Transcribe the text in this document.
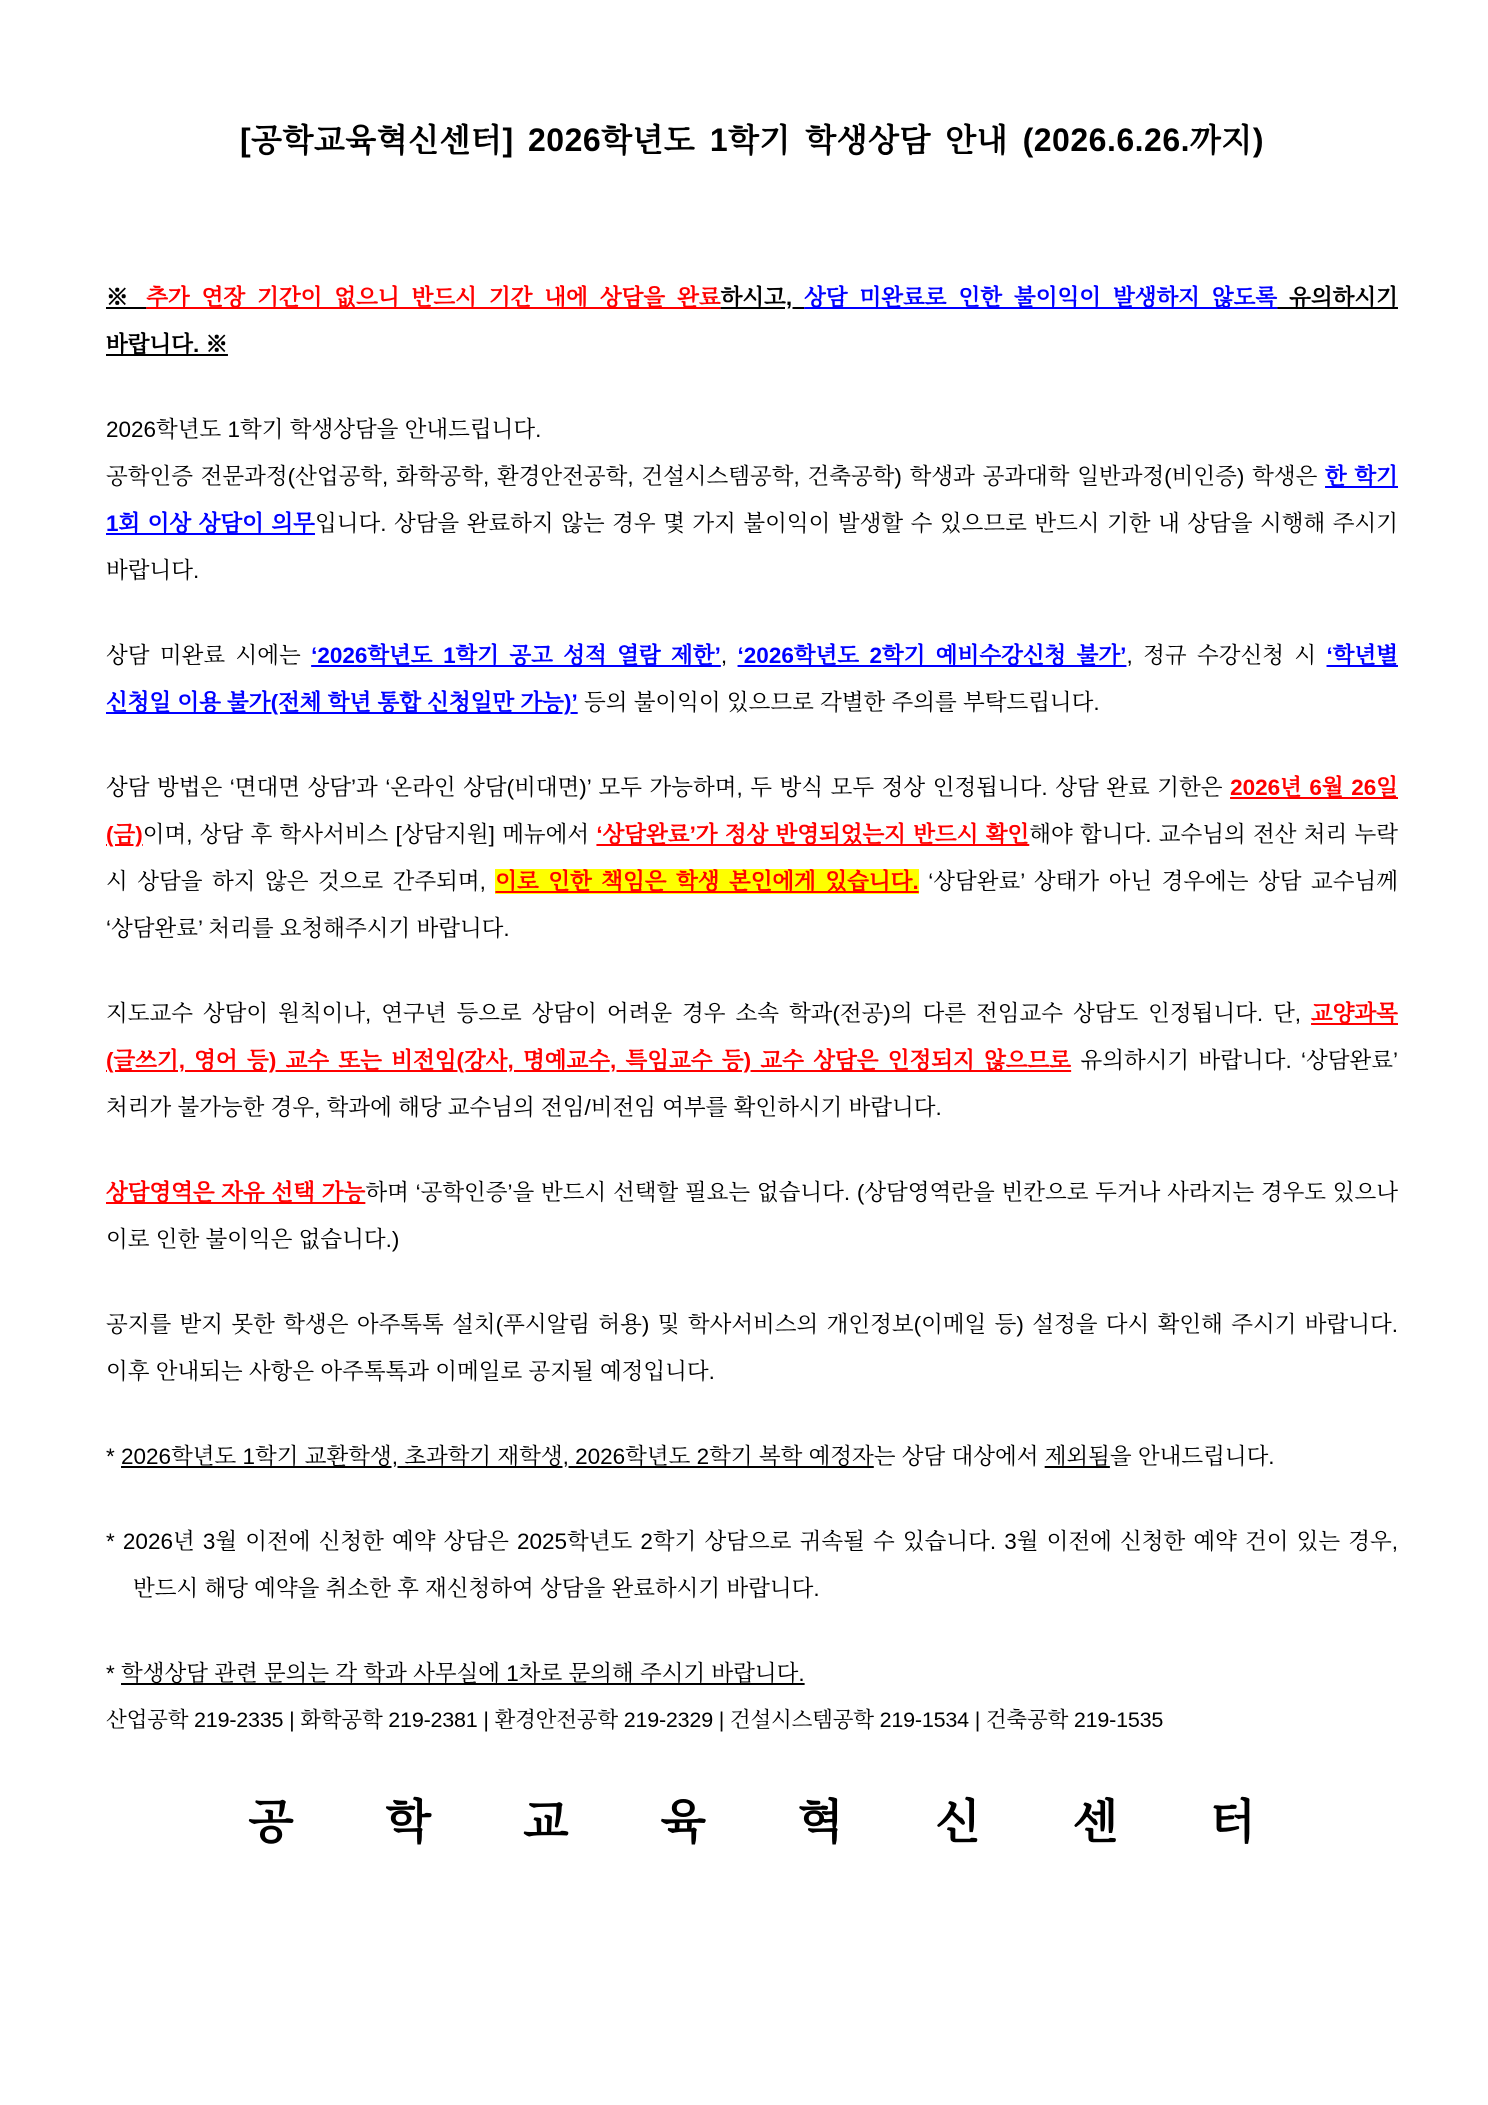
[공학교육혁신센터] 2026학년도 1학기 학생상담 안내 (2026.6.26.까지)

※ 추가 연장 기간이 없으니 반드시 기간 내에 상담을 완료하시고, 상담 미완료로 인한 불이익이 발생하지 않도록 유의하시기 바랍니다. ※

2026학년도 1학기 학생상담을 안내드립니다.
공학인증 전문과정(산업공학, 화학공학, 환경안전공학, 건설시스템공학, 건축공학) 학생과 공과대학 일반과정(비인증) 학생은 한 학기 1회 이상 상담이 의무입니다. 상담을 완료하지 않는 경우 몇 가지 불이익이 발생할 수 있으므로 반드시 기한 내 상담을 시행해 주시기 바랍니다.

상담 미완료 시에는 ‘2026학년도 1학기 공고 성적 열람 제한’, ‘2026학년도 2학기 예비수강신청 불가’, 정규 수강신청 시 ‘학년별 신청일 이용 불가(전체 학년 통합 신청일만 가능)’ 등의 불이익이 있으므로 각별한 주의를 부탁드립니다.

상담 방법은 ‘면대면 상담’과 ‘온라인 상담(비대면)’ 모두 가능하며, 두 방식 모두 정상 인정됩니다. 상담 완료 기한은 2026년 6월 26일(금)이며, 상담 후 학사서비스 [상담지원] 메뉴에서 ‘상담완료’가 정상 반영되었는지 반드시 확인해야 합니다. 교수님의 전산 처리 누락 시 상담을 하지 않은 것으로 간주되며, 이로 인한 책임은 학생 본인에게 있습니다. ‘상담완료’ 상태가 아닌 경우에는 상담 교수님께 ‘상담완료’ 처리를 요청해주시기 바랍니다.

지도교수 상담이 원칙이나, 연구년 등으로 상담이 어려운 경우 소속 학과(전공)의 다른 전임교수 상담도 인정됩니다. 단, 교양과목(글쓰기, 영어 등) 교수 또는 비전임(강사, 명예교수, 특임교수 등) 교수 상담은 인정되지 않으므로 유의하시기 바랍니다. ‘상담완료’ 처리가 불가능한 경우, 학과에 해당 교수님의 전임/비전임 여부를 확인하시기 바랍니다.

상담영역은 자유 선택 가능하며 ‘공학인증’을 반드시 선택할 필요는 없습니다. (상담영역란을 빈칸으로 두거나 사라지는 경우도 있으나 이로 인한 불이익은 없습니다.)

공지를 받지 못한 학생은 아주톡톡 설치(푸시알림 허용) 및 학사서비스의 개인정보(이메일 등) 설정을 다시 확인해 주시기 바랍니다. 이후 안내되는 사항은 아주톡톡과 이메일로 공지될 예정입니다.

* 2026학년도 1학기 교환학생, 초과학기 재학생, 2026학년도 2학기 복학 예정자는 상담 대상에서 제외됨을 안내드립니다.

* 2026년 3월 이전에 신청한 예약 상담은 2025학년도 2학기 상담으로 귀속될 수 있습니다. 3월 이전에 신청한 예약 건이 있는 경우, 반드시 해당 예약을 취소한 후 재신청하여 상담을 완료하시기 바랍니다.

* 학생상담 관련 문의는 각 학과 사무실에 1차로 문의해 주시기 바랍니다.

산업공학 219-2335 | 화학공학 219-2381 | 환경안전공학 219-2329 | 건설시스템공학 219-1534 | 건축공학 219-1535

공학교육혁신센터
